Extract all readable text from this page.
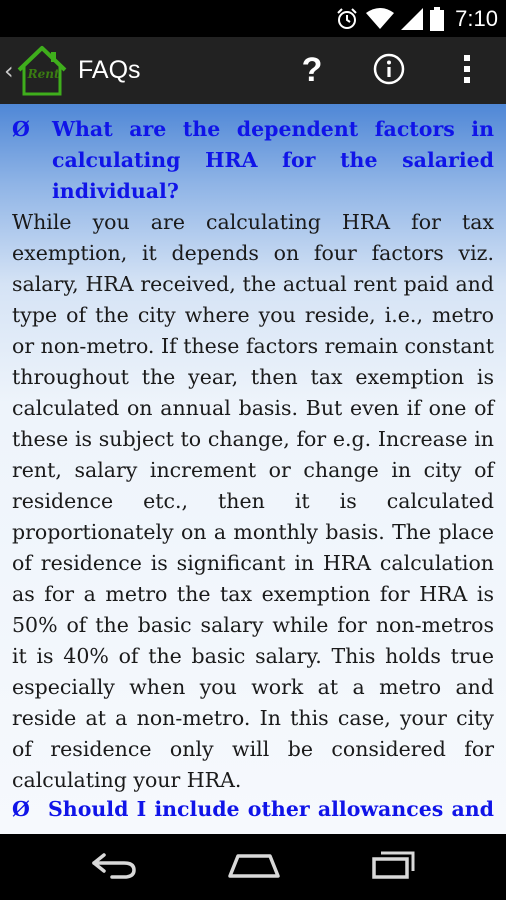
7:10
‹ Rent FAQs	?
Ø What are the dependent factors in calculating HRA for the salaried individual?

While you are calculating HRA for tax exemption, it depends on four factors viz. salary, HRA received, the actual rent paid and type of the city where you reside, i.e., metro or non-metro. If these factors remain constant throughout the year, then tax exemption is calculated on annual basis. But even if one of these is subject to change, for e.g. Increase in rent, salary increment or change in city of residence etc., then it is calculated proportionately on a monthly basis. The place of residence is significant in HRA calculation as for a metro the tax exemption for HRA is 50% of the basic salary while for non-metros it is 40% of the basic salary. This holds true especially when you work at a metro and reside at a non-metro. In this case, your city of residence only will be considered for calculating your HRA.

Ø Should I include other allowances and
